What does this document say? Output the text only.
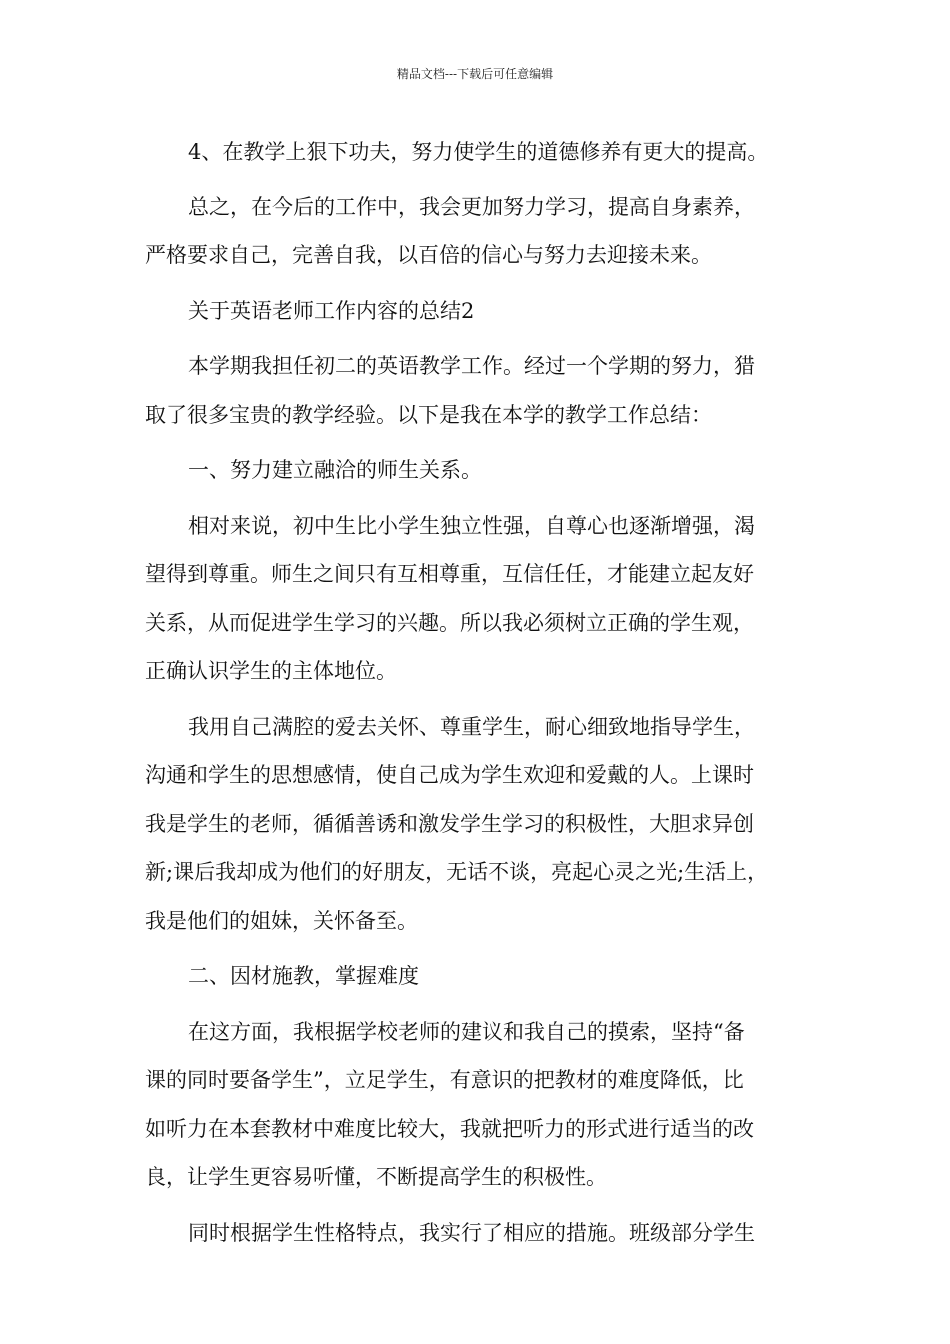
精品文档---下载后可任意编辑
4、在教学上狠下功夫，努力使学生的道德修养有更大的提高。
总之，在今后的工作中，我会更加努力学习，提高自身素养，
严格要求自己，完善自我，以百倍的信心与努力去迎接未来。
关于英语老师工作内容的总结2
本学期我担任初二的英语教学工作。经过一个学期的努力，猎
取了很多宝贵的教学经验。以下是我在本学的教学工作总结：
一、努力建立融洽的师生关系。
相对来说，初中生比小学生独立性强，自尊心也逐渐增强，渴
望得到尊重。师生之间只有互相尊重，互信任任，才能建立起友好
关系，从而促进学生学习的兴趣。所以我必须树立正确的学生观，
正确认识学生的主体地位。
我用自己满腔的爱去关怀、尊重学生，耐心细致地指导学生，
沟通和学生的思想感情，使自己成为学生欢迎和爱戴的人。上课时
我是学生的老师，循循善诱和激发学生学习的积极性，大胆求异创
新;课后我却成为他们的好朋友，无话不谈，亮起心灵之光;生活上，
我是他们的姐妹，关怀备至。
二、因材施教，掌握难度
在这方面，我根据学校老师的建议和我自己的摸索，坚持“备
课的同时要备学生”，立足学生，有意识的把教材的难度降低，比
如听力在本套教材中难度比较大，我就把听力的形式进行适当的改
良，让学生更容易听懂，不断提高学生的积极性。
同时根据学生性格特点，我实行了相应的措施。班级部分学生
